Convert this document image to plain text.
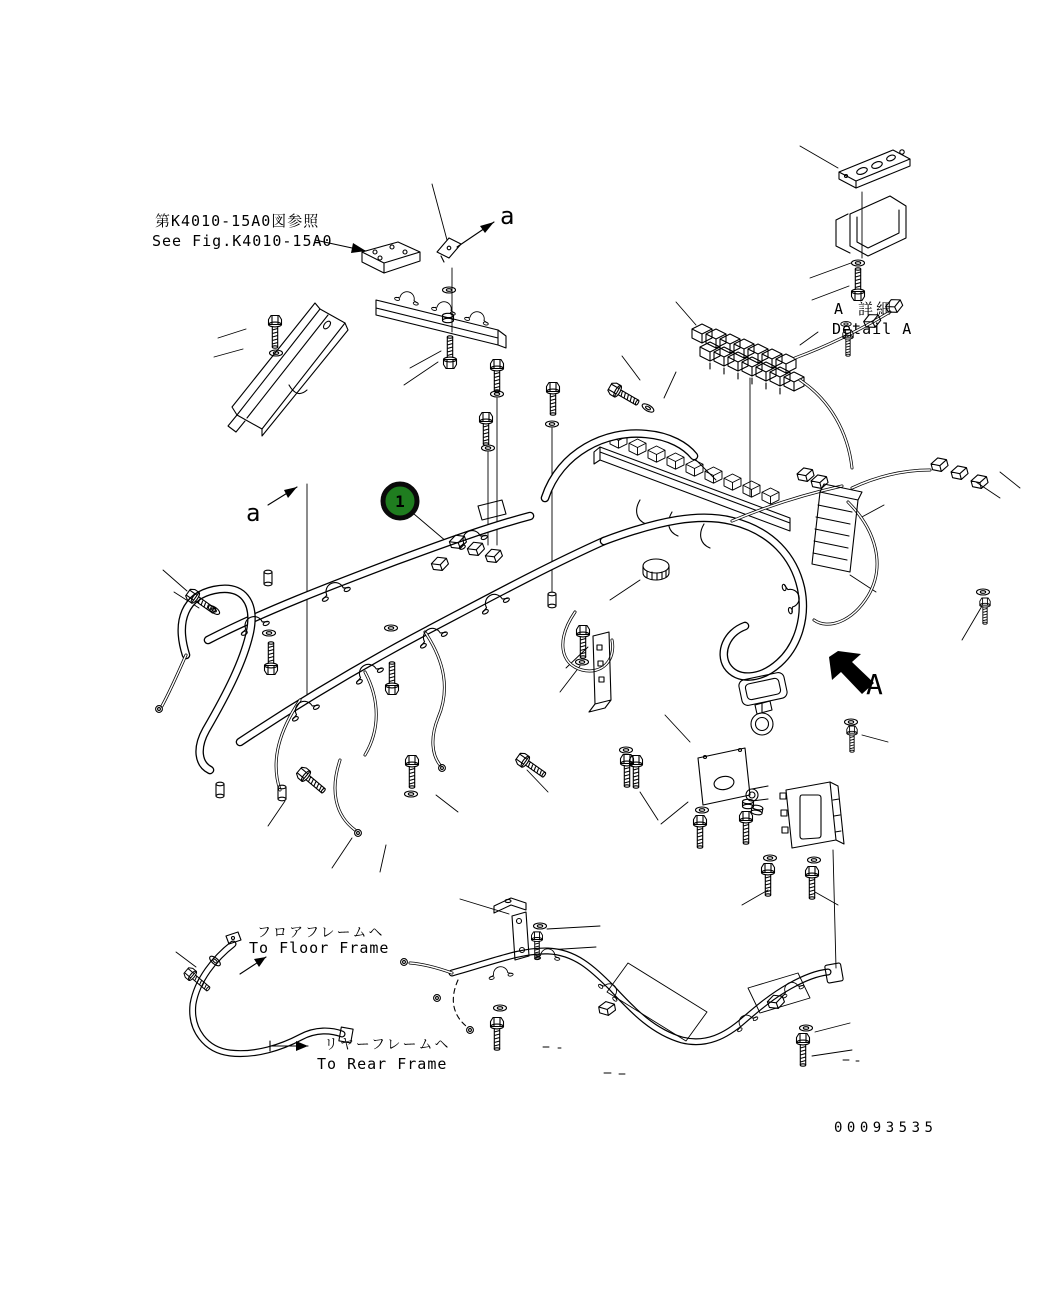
第K4010-15A0図参照
See Fig.K4010-15A0
a
a
A 詳細
Detail A
1
A
フロアフレームヘ
To Floor Frame
リヤーフレームヘ
To Rear Frame
00093535
